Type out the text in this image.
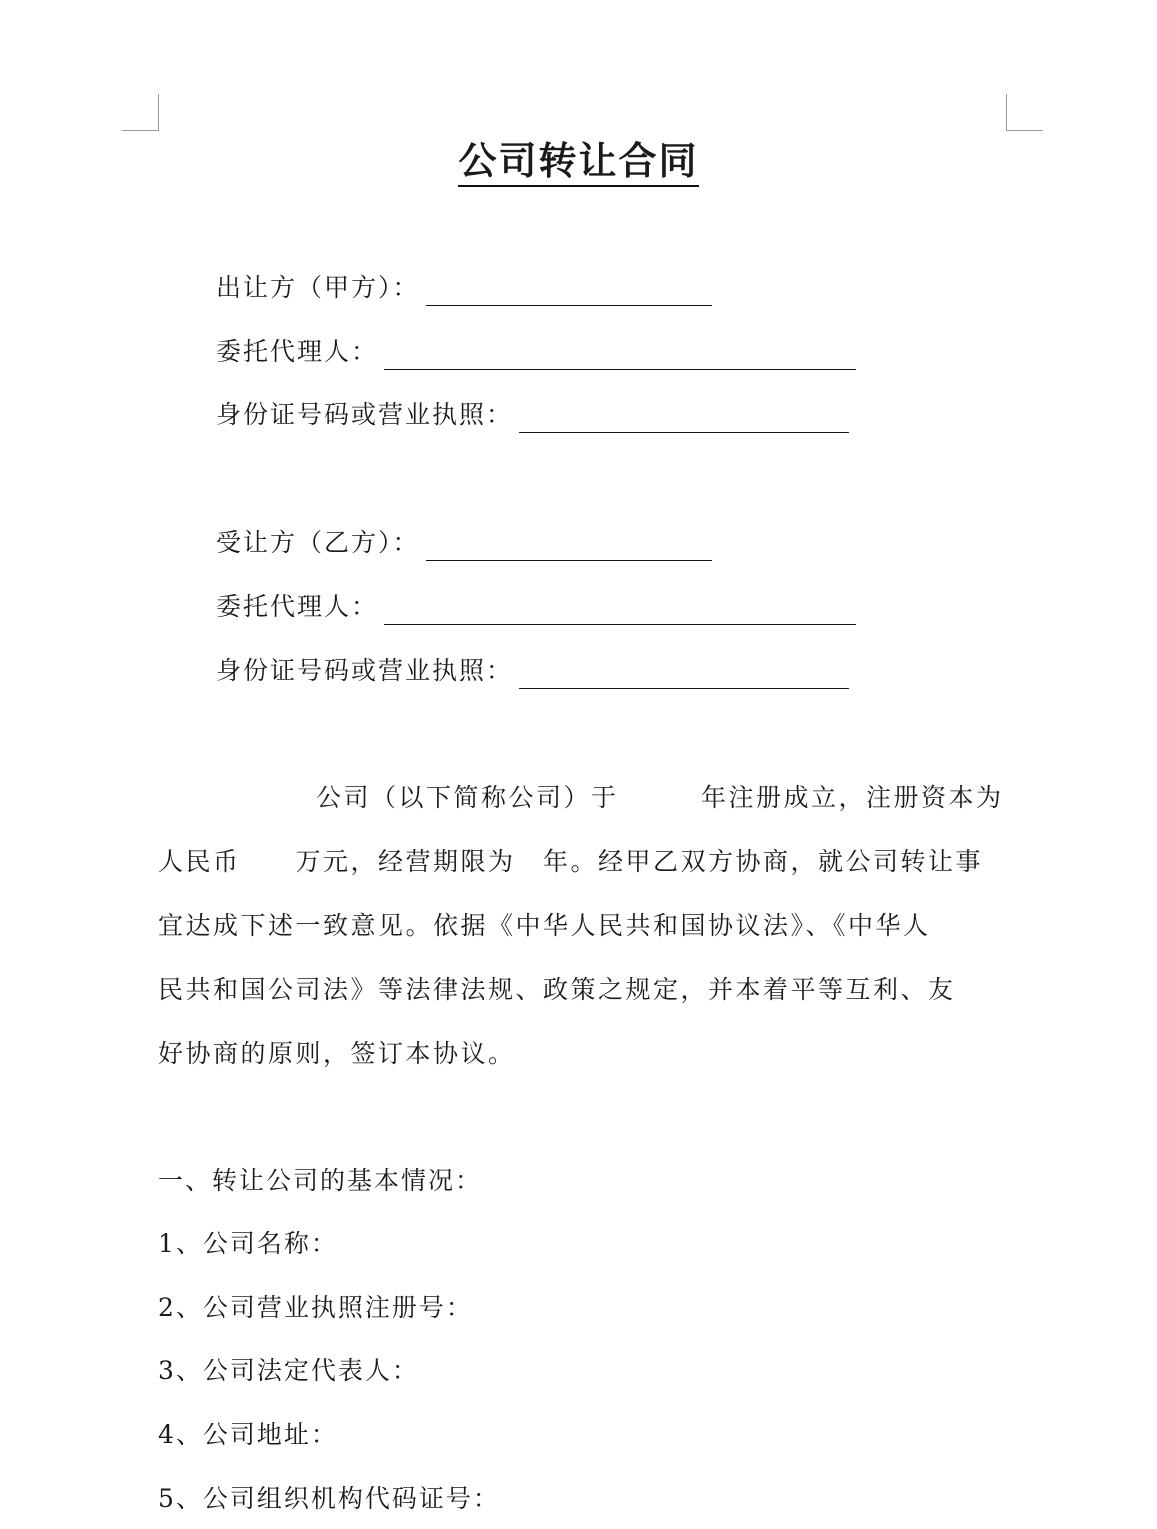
公司转让合同
出让方（甲方）：
委托代理人：
身份证号码或营业执照：
受让方（乙方）：
委托代理人：
身份证号码或营业执照：
公司（以下简称公司）于　　　年注册成立，注册资本为
人民币　　万元，经营期限为　年。经甲乙双方协商，就公司转让事
宜达成下述一致意见。依据《中华人民共和国协议法》、《中华人
民共和国公司法》等法律法规、政策之规定，并本着平等互利、友
好协商的原则，签订本协议。
一、转让公司的基本情况：
1、公司名称：
2、公司营业执照注册号：
3、公司法定代表人：
4、公司地址：
5、公司组织机构代码证号：
